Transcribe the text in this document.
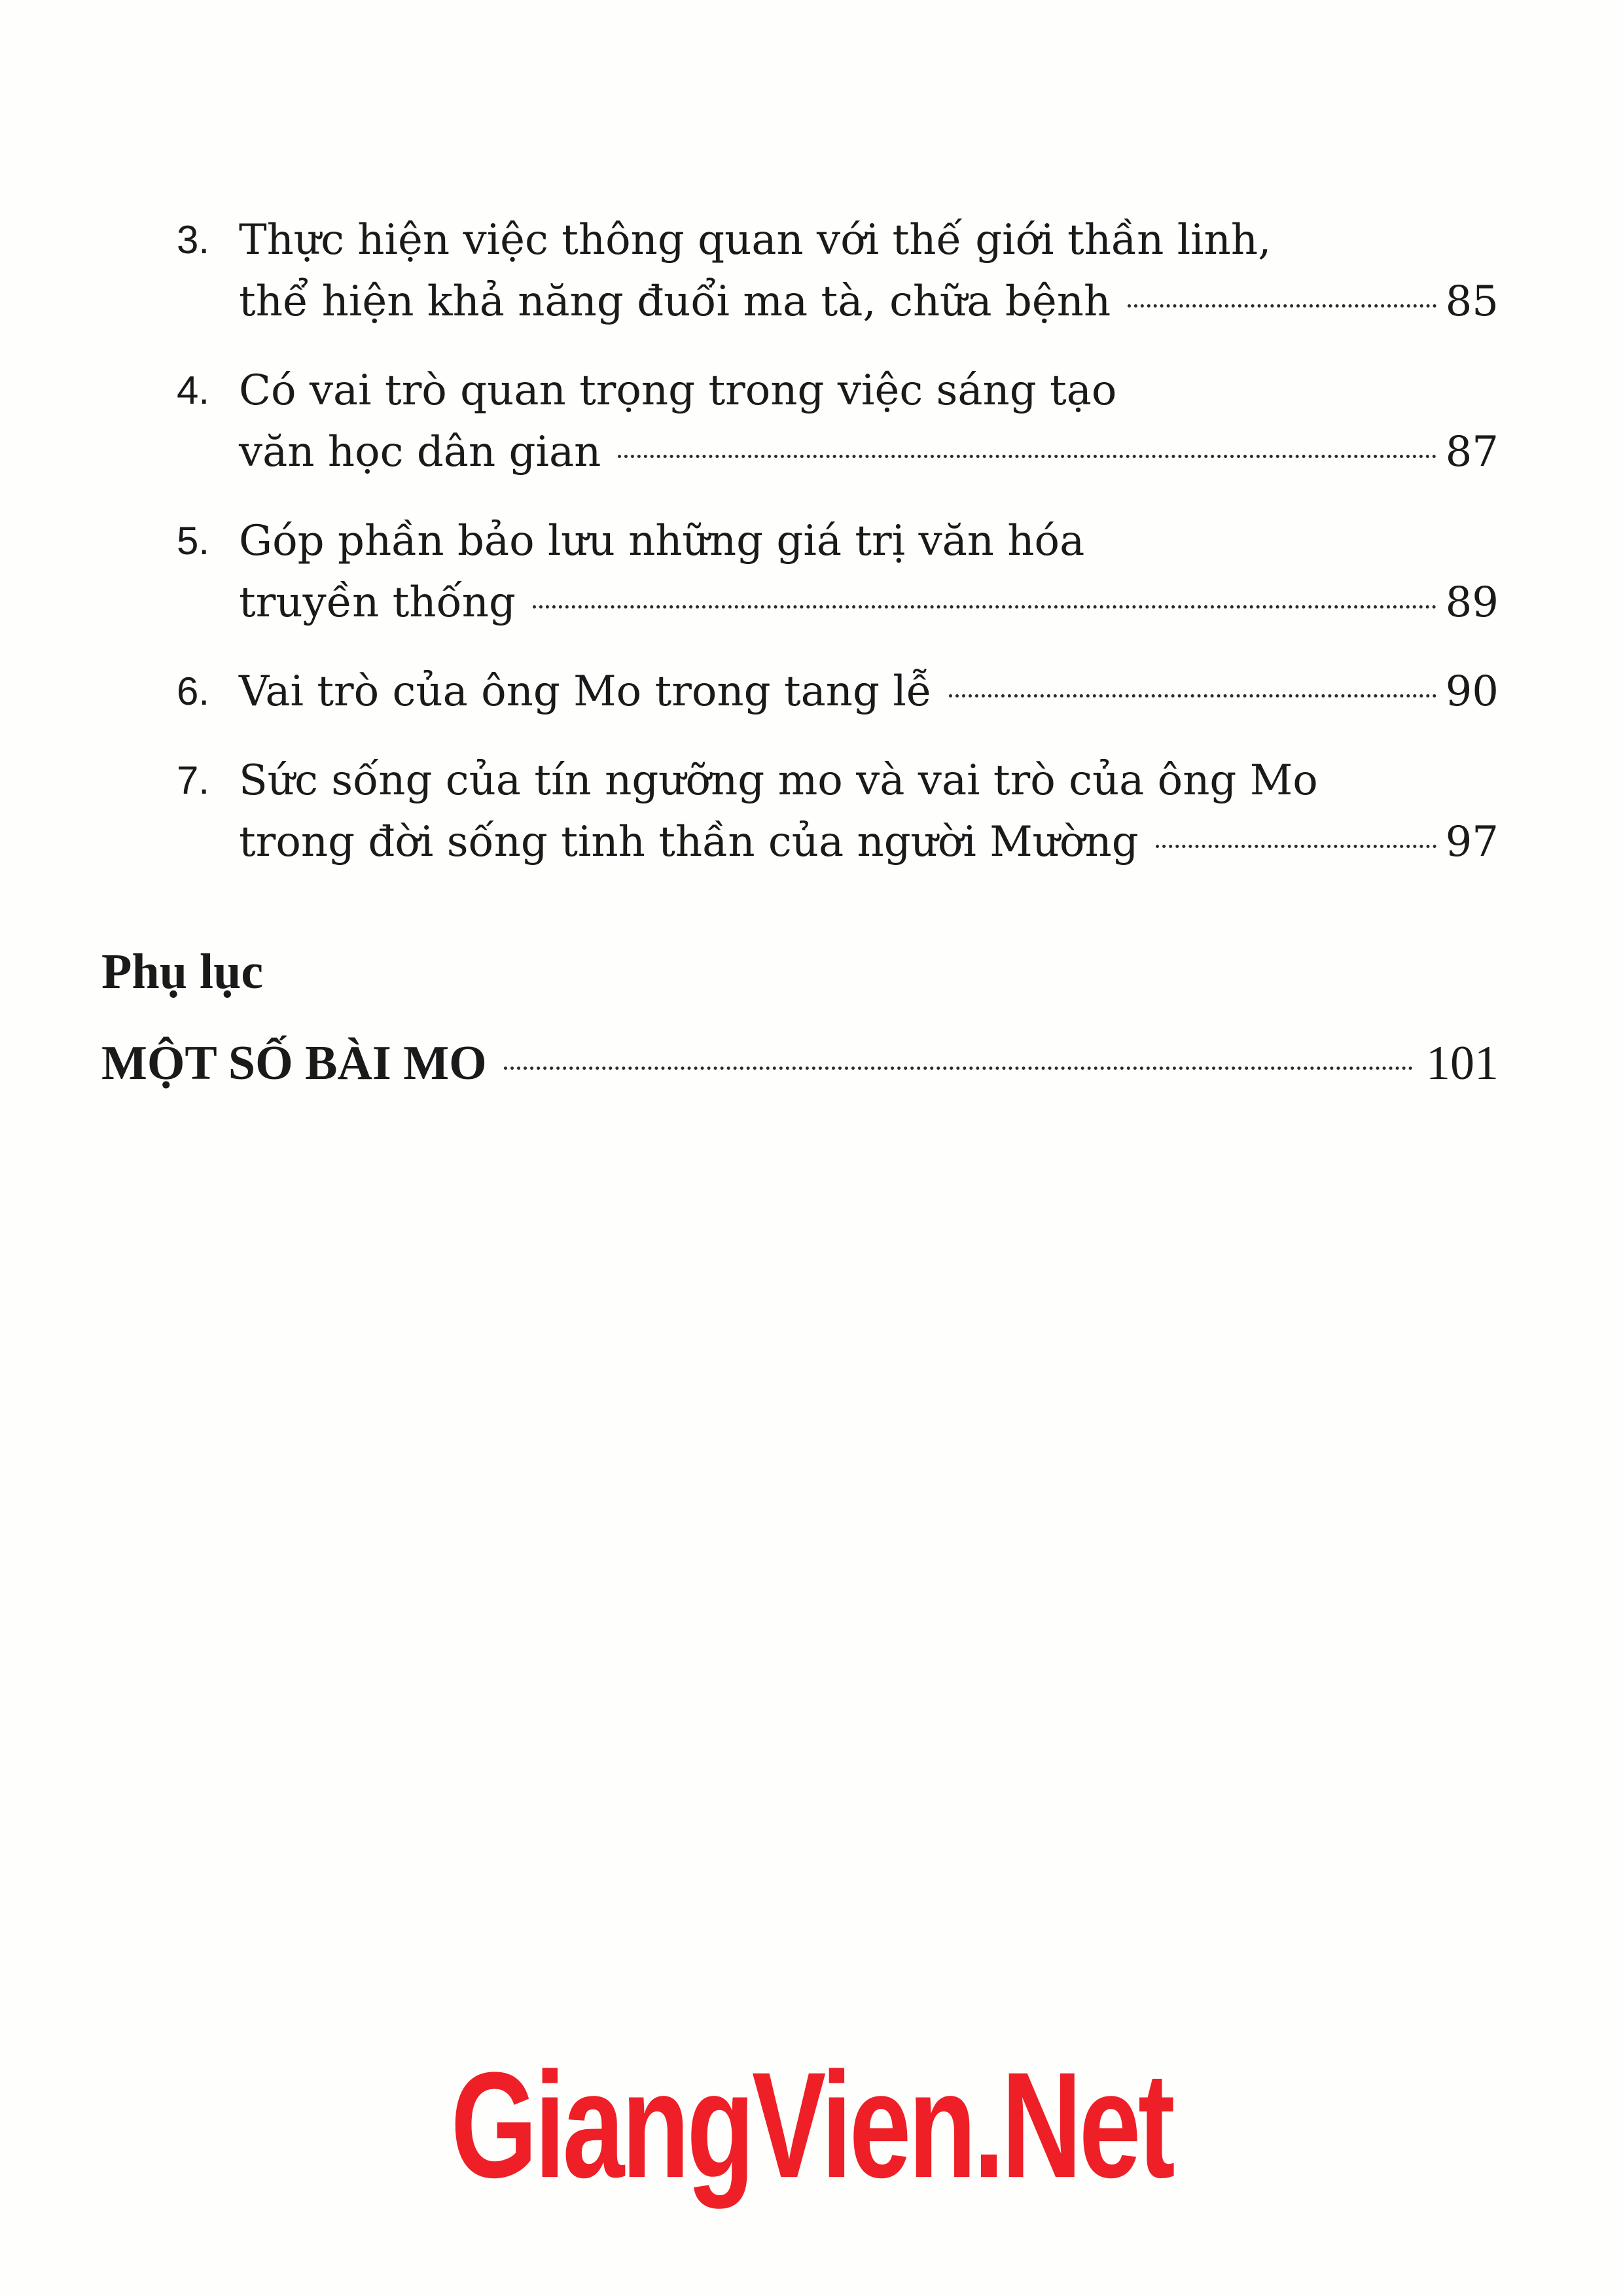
3. Thực hiện việc thông quan với thế giới thần linh,
thể hiện khả năng đuổi ma tà, chữa bệnh	85
4. Có vai trò quan trọng trong việc sáng tạo
văn học dân gian	87
5. Góp phần bảo lưu những giá trị văn hóa
truyền thống	89
6. Vai trò của ông Mo trong tang lễ	90
7. Sức sống của tín ngưỡng mo và vai trò của ông Mo
trong đời sống tinh thần của người Mường	97
Phụ lục
MỘT SỐ BÀI MO	101
GiangVien.Net
